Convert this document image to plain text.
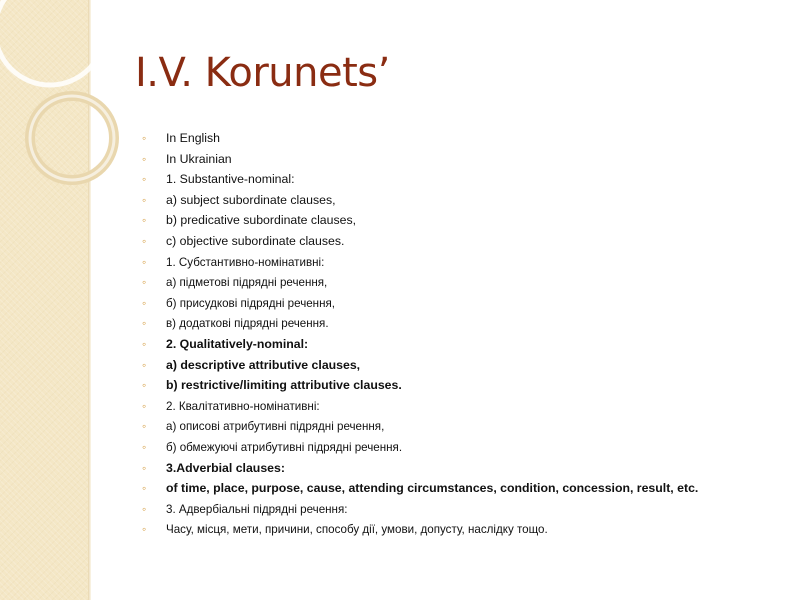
I.V. Korunets’
◦	In English
◦	In Ukrainian
◦	1. Substantive-nominal:
◦	a) subject subordinate clauses,
◦	b) predicative subordinate clauses,
◦	c) objective subordinate clauses.
◦	1. Субстантивно-номінативні:
◦	а) підметові підрядні речення,
◦	б) присудкові підрядні речення,
◦	в) додаткові підрядні речення.
◦	2. Qualitatively-nominal:
◦	a) descriptive attributive clauses,
◦	b) restrictive/limiting attributive clauses.
◦	2. Квалітативно-номінативні:
◦	а) описові атрибутивні підрядні речення,
◦	б) обмежуючі атрибутивні підрядні речення.
◦	3.Adverbial clauses:
◦	of time, place, purpose, cause, attending circumstances, condition, concession, result, etc.
◦	3. Адвербіальні підрядні речення:
◦	Часу, місця, мети, причини, способу дії, умови, допусту, наслідку тощо.
